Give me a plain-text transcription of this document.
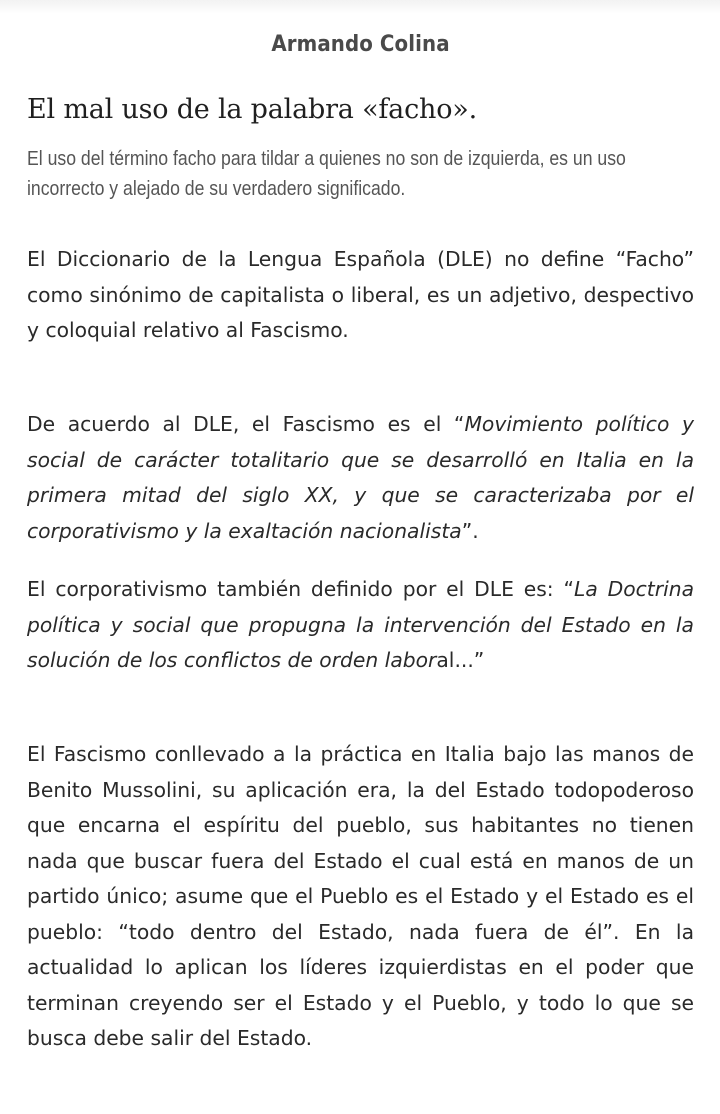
Armando Colina
El mal uso de la palabra «facho».
El uso del término facho para tildar a quienes no son de izquierda, es un uso incorrecto y alejado de su verdadero significado.

El Diccionario de la Lengua Española (DLE) no define “Facho” como sinónimo de capitalista o liberal, es un adjetivo, despectivo y coloquial relativo al Fascismo.

De acuerdo al DLE, el Fascismo es el “Movimiento político y social de carácter totalitario que se desarrolló en Italia en la primera mitad del siglo XX, y que se caracterizaba por el corporativismo y la exaltación nacionalista”.

El corporativismo también definido por el DLE es: “La Doctrina política y social que propugna la intervención del Estado en la solución de los conflictos de orden laboral...”

El Fascismo conllevado a la práctica en Italia bajo las manos de Benito Mussolini, su aplicación era, la del Estado todopoderoso que encarna el espíritu del pueblo, sus habitantes no tienen nada que buscar fuera del Estado el cual está en manos de un partido único; asume que el Pueblo es el Estado y el Estado es el pueblo: “todo dentro del Estado, nada fuera de él”. En la actualidad lo aplican los líderes izquierdistas en el poder que terminan creyendo ser el Estado y el Pueblo, y todo lo que se busca debe salir del Estado.
